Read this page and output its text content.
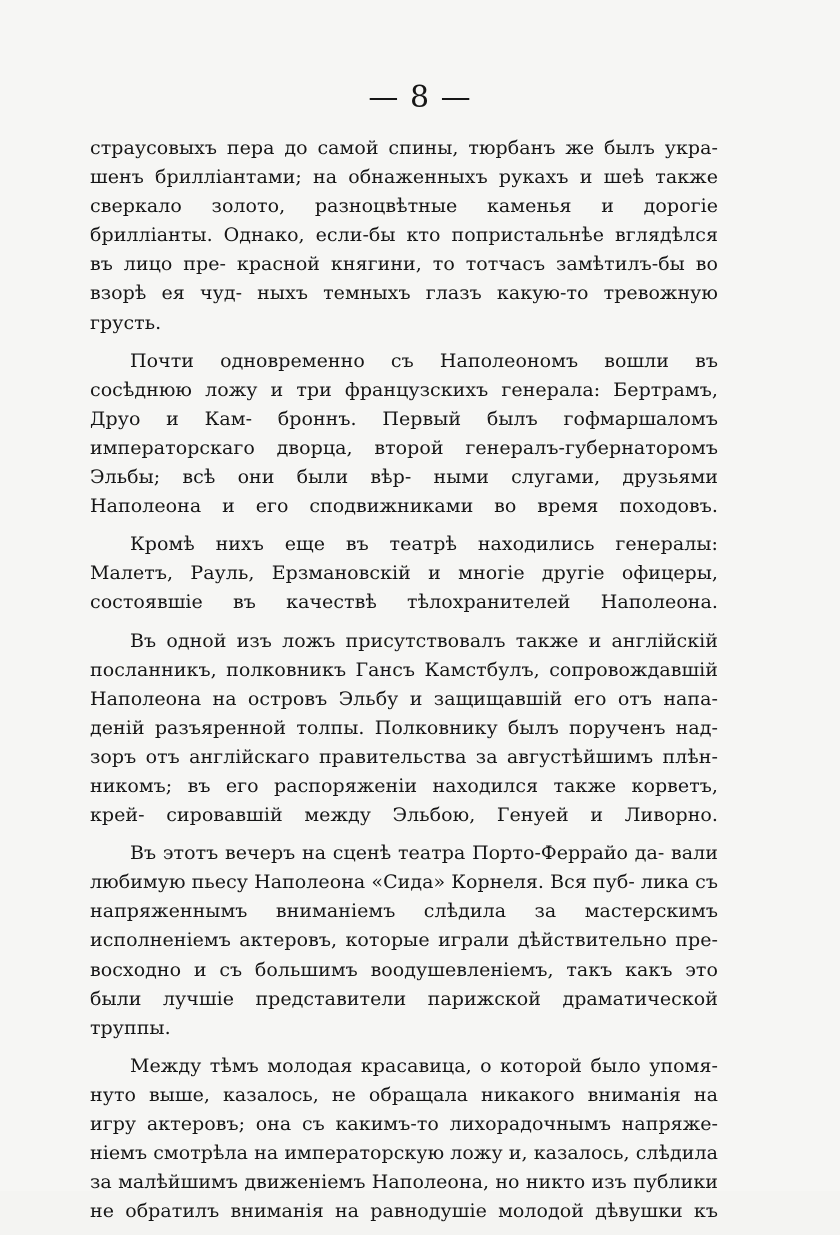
— 8 —

страусовыхъ пера до самой спины, тюрбанъ же былъ укра- шенъ бриллiантами; на обнаженныхъ рукахъ и шеѣ также сверкало золото, разноцвѣтные каменья и дорогiе бриллiанты. Однако, если-бы кто попристальнѣе вглядѣлся въ лицо пре- красной княгини, то тотчасъ замѣтилъ-бы во взорѣ ея чуд- ныхъ темныхъ глазъ какую-то тревожную грусть.

Почти одновременно съ Наполеономъ вошли въ сосѣднюю ложу и три французскихъ генерала: Бертрамъ, Друо и Кам- броннъ. Первый былъ гофмаршаломъ императорскаго дворца, второй генералъ-губернаторомъ Эльбы; всѣ они были вѣр- ными слугами, друзьями Наполеона и его сподвижниками во время походовъ.

Кромѣ нихъ еще въ театрѣ находились генералы: Малетъ, Рауль, Ерзмановскiй и многiе другiе офицеры, состоявшiе въ качествѣ тѣлохранителей Наполеона.

Въ одной изъ ложъ присутствовалъ также и англiйскiй посланникъ, полковникъ Гансъ Камстбулъ, сопровождавшiй Наполеона на островъ Эльбу и защищавшiй его отъ напа- денiй разъяренной толпы. Полковнику былъ порученъ над- зоръ отъ англiйскаго правительства за августѣйшимъ плѣн- никомъ; въ его распоряженiи находился также корветъ, крей- сировавшiй между Эльбою, Генуей и Ливорно.

Въ этотъ вечеръ на сценѣ театра Порто-Феррайо да- вали любимую пьесу Наполеона «Сида» Корнеля. Вся пуб- лика съ напряженнымъ вниманiемъ слѣдила за мастерскимъ исполненiемъ актеровъ, которые играли дѣйствительно пре- восходно и съ большимъ воодушевленiемъ, такъ какъ это были лучшiе представители парижской драматической труппы.

Между тѣмъ молодая красавица, о которой было упомя- нуто выше, казалось, не обращала никакого вниманiя на игру актеровъ; она съ какимъ-то лихорадочнымъ напряже- нiемъ смотрѣла на императорскую ложу и, казалось, слѣдила за малѣйшимъ движенiемъ Наполеона, но никто изъ публики не обратилъ вниманiя на равнодушiе молодой дѣвушки къ
